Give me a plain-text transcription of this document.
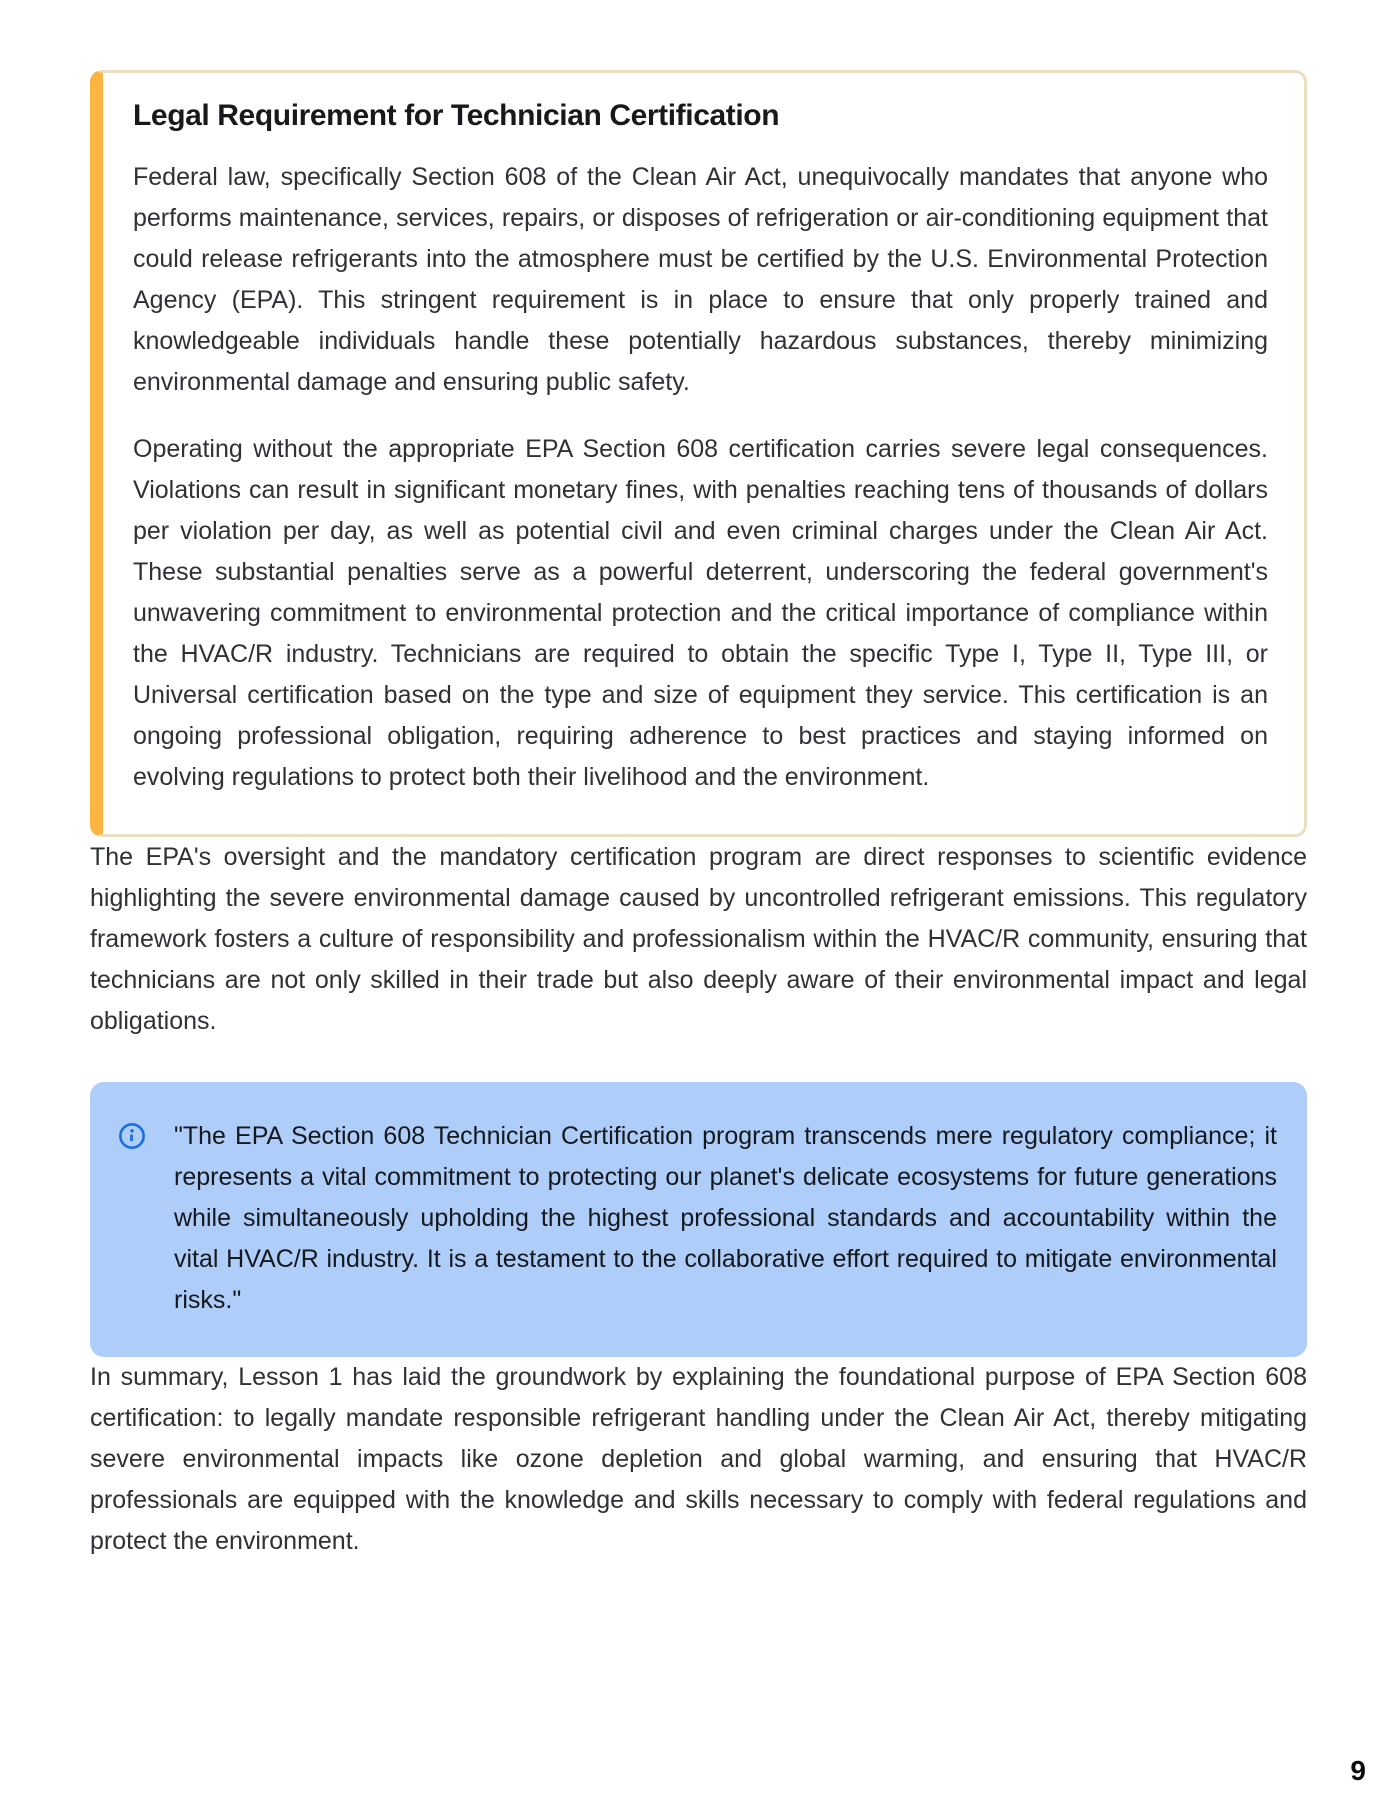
Legal Requirement for Technician Certification

Federal law, specifically Section 608 of the Clean Air Act, unequivocally mandates that anyone who performs maintenance, services, repairs, or disposes of refrigeration or air-conditioning equipment that could release refrigerants into the atmosphere must be certified by the U.S. Environmental Protection Agency (EPA). This stringent requirement is in place to ensure that only properly trained and knowledgeable individuals handle these potentially hazardous substances, thereby minimizing environmental damage and ensuring public safety.

Operating without the appropriate EPA Section 608 certification carries severe legal consequences. Violations can result in significant monetary fines, with penalties reaching tens of thousands of dollars per violation per day, as well as potential civil and even criminal charges under the Clean Air Act. These substantial penalties serve as a powerful deterrent, underscoring the federal government's unwavering commitment to environmental protection and the critical importance of compliance within the HVAC/R industry. Technicians are required to obtain the specific Type I, Type II, Type III, or Universal certification based on the type and size of equipment they service. This certification is an ongoing professional obligation, requiring adherence to best practices and staying informed on evolving regulations to protect both their livelihood and the environment.

The EPA's oversight and the mandatory certification program are direct responses to scientific evidence highlighting the severe environmental damage caused by uncontrolled refrigerant emissions. This regulatory framework fosters a culture of responsibility and professionalism within the HVAC/R community, ensuring that technicians are not only skilled in their trade but also deeply aware of their environmental impact and legal obligations.

"The EPA Section 608 Technician Certification program transcends mere regulatory compliance; it represents a vital commitment to protecting our planet's delicate ecosystems for future generations while simultaneously upholding the highest professional standards and accountability within the vital HVAC/R industry. It is a testament to the collaborative effort required to mitigate environmental risks."

In summary, Lesson 1 has laid the groundwork by explaining the foundational purpose of EPA Section 608 certification: to legally mandate responsible refrigerant handling under the Clean Air Act, thereby mitigating severe environmental impacts like ozone depletion and global warming, and ensuring that HVAC/R professionals are equipped with the knowledge and skills necessary to comply with federal regulations and protect the environment.

9
